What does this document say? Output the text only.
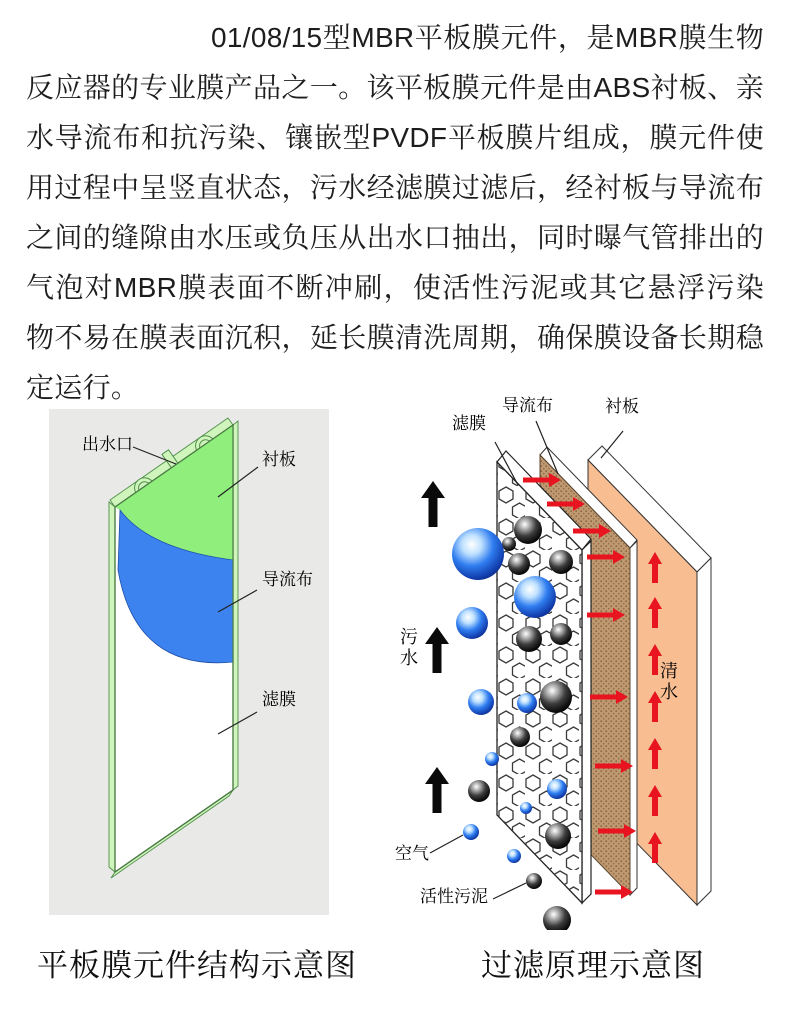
01/08/15型MBR平板膜元件，是MBR膜生物反应器的专业膜产品之一。该平板膜元件是由ABS衬板、亲水导流布和抗污染、镶嵌型PVDF平板膜片组成，膜元件使用过程中呈竖直状态，污水经滤膜过滤后，经衬板与导流布之间的缝隙由水压或负压从出水口抽出，同时曝气管排出的气泡对MBR膜表面不断冲刷，使活性污泥或其它悬浮污染物不易在膜表面沉积，延长膜清洗周期，确保膜设备长期稳定运行。
出水口
衬板
导流布
滤膜
滤膜
导流布	衬板
污水
清水
空气
活性污泥
平板膜元件结构示意图	过滤原理示意图
